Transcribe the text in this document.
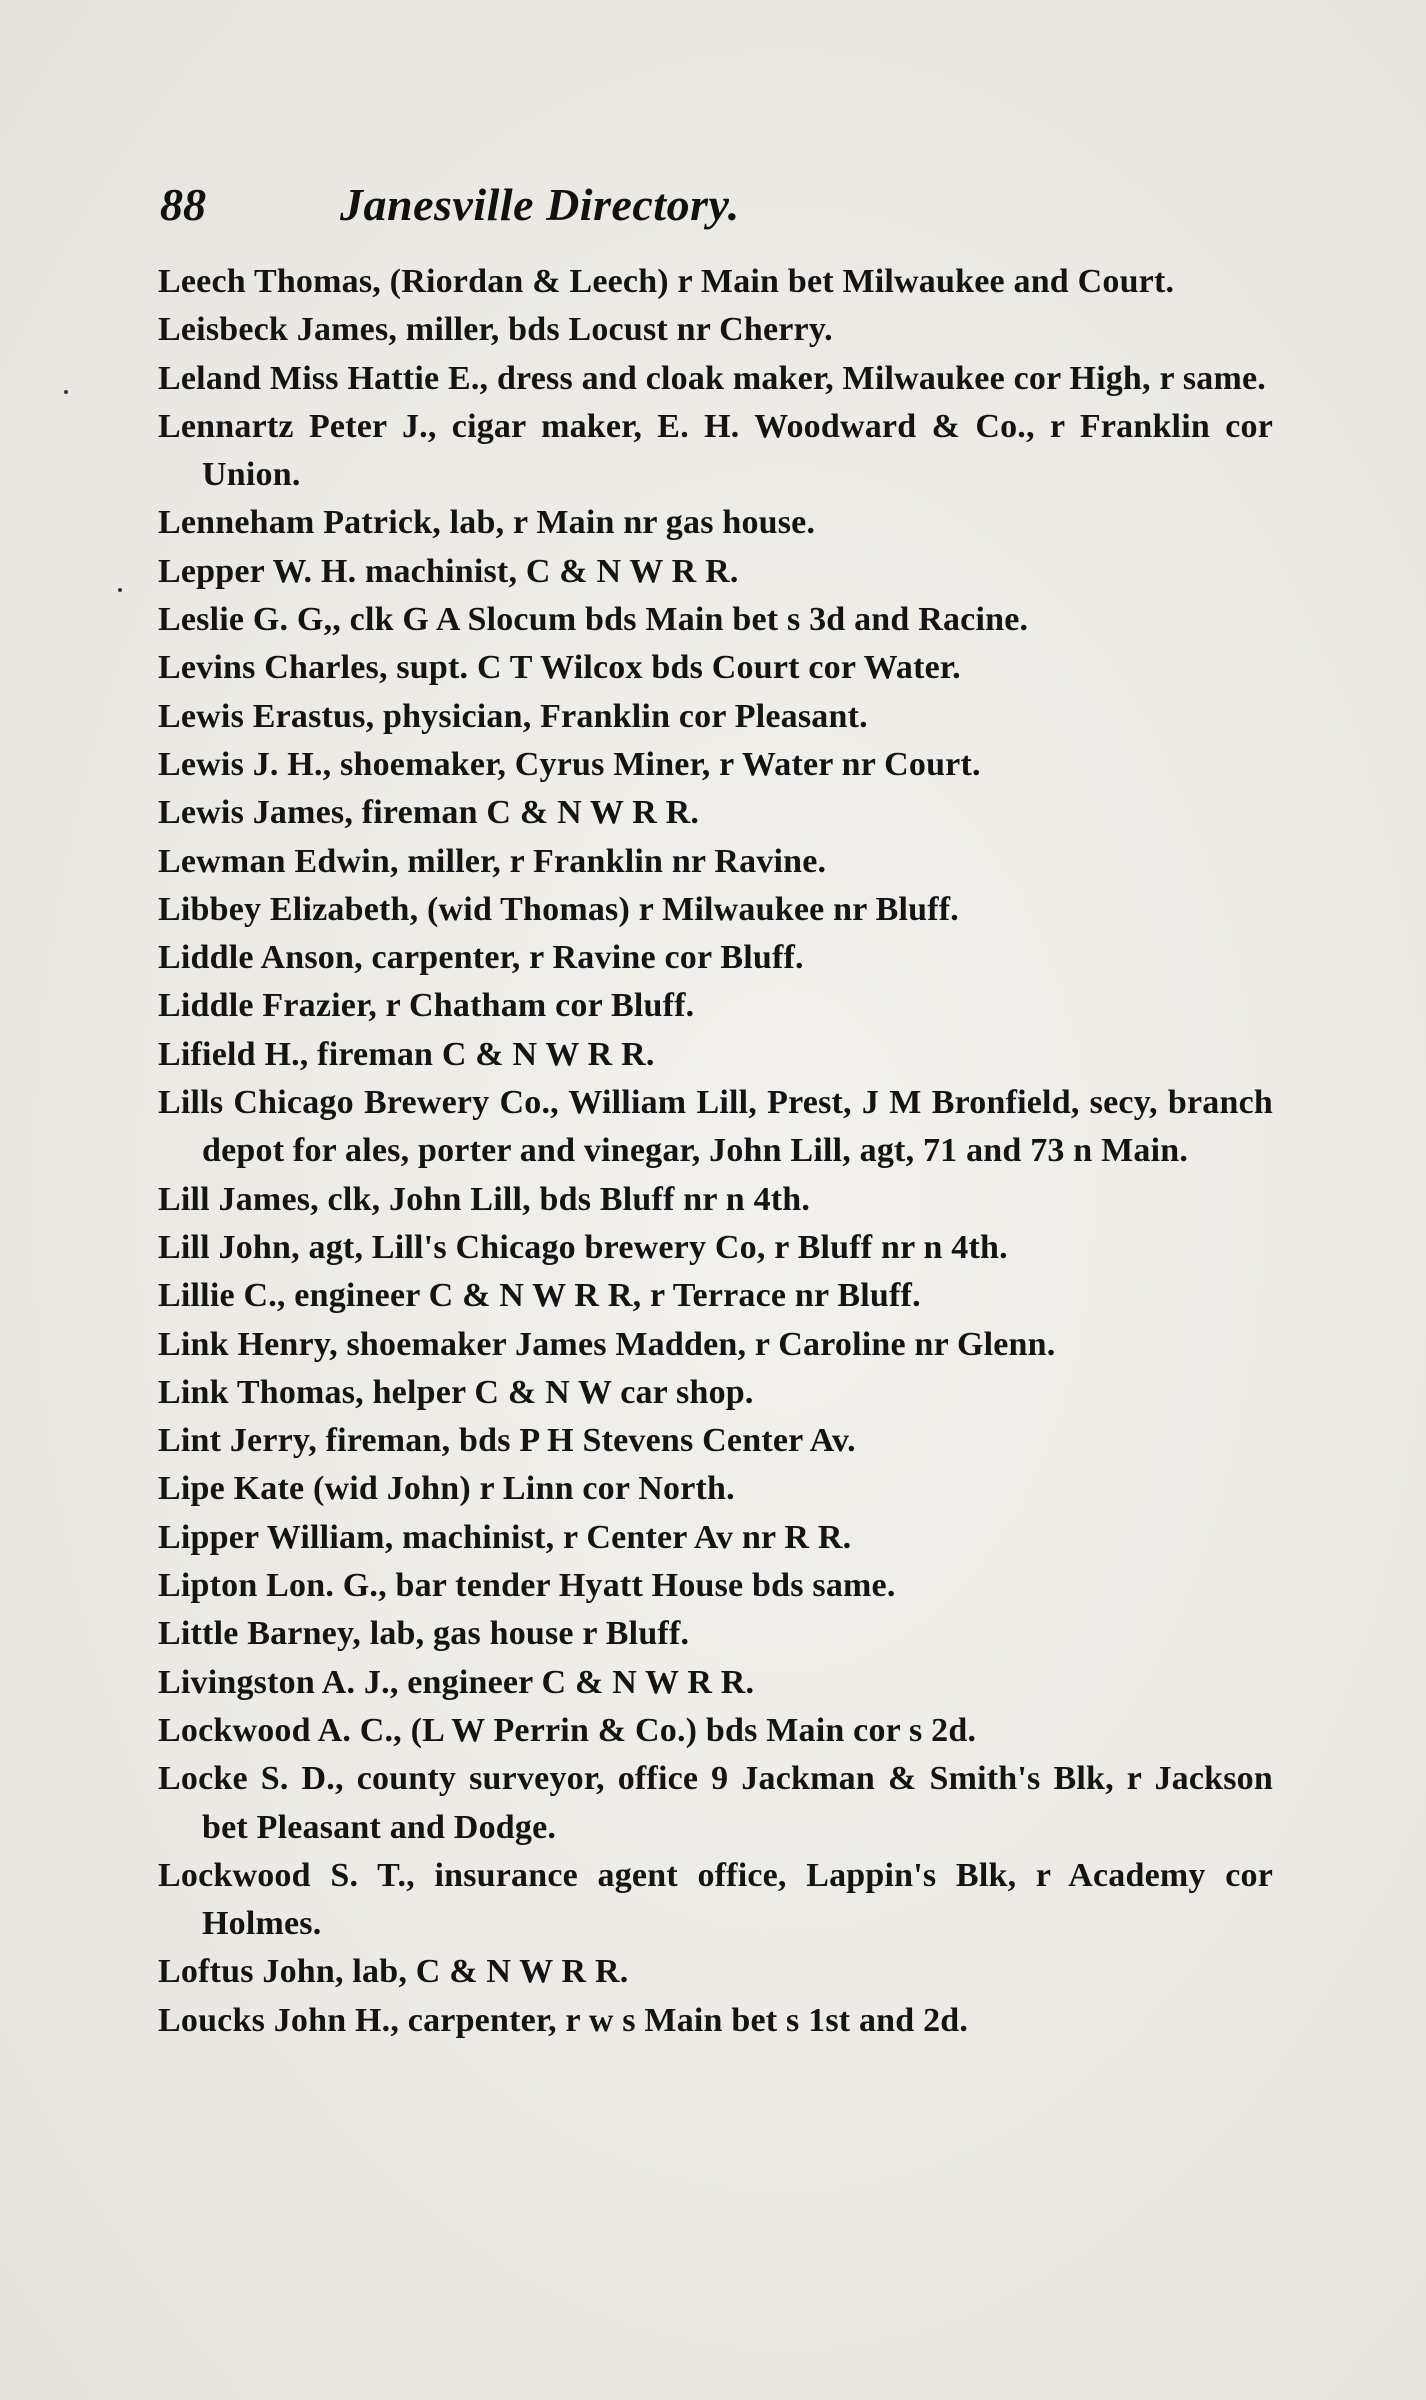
88	Janesville Directory.
Leech Thomas, (Riordan & Leech) r Main bet Milwaukee and Court.
Leisbeck James, miller, bds Locust nr Cherry.
Leland Miss Hattie E., dress and cloak maker, Milwaukee cor High, r same.
Lennartz Peter J., cigar maker, E. H. Woodward & Co., r Franklin cor Union.
Lenneham Patrick, lab, r Main nr gas house.
Lepper W. H. machinist, C & N W R R.
Leslie G. G,, clk G A Slocum bds Main bet s 3d and Racine.
Levins Charles, supt. C T Wilcox bds Court cor Water.
Lewis Erastus, physician, Franklin cor Pleasant.
Lewis J. H., shoemaker, Cyrus Miner, r Water nr Court.
Lewis James, fireman C & N W R R.
Lewman Edwin, miller, r Franklin nr Ravine.
Libbey Elizabeth, (wid Thomas) r Milwaukee nr Bluff.
Liddle Anson, carpenter, r Ravine cor Bluff.
Liddle Frazier, r Chatham cor Bluff.
Lifield H., fireman C & N W R R.
Lills Chicago Brewery Co., William Lill, Prest, J M Bronfield, secy, branch depot for ales, porter and vinegar, John Lill, agt, 71 and 73 n Main.
Lill James, clk, John Lill, bds Bluff nr n 4th.
Lill John, agt, Lill's Chicago brewery Co, r Bluff nr n 4th.
Lillie C., engineer C & N W R R, r Terrace nr Bluff.
Link Henry, shoemaker James Madden, r Caroline nr Glenn.
Link Thomas, helper C & N W car shop.
Lint Jerry, fireman, bds P H Stevens Center Av.
Lipe Kate (wid John) r Linn cor North.
Lipper William, machinist, r Center Av nr R R.
Lipton Lon. G., bar tender Hyatt House bds same.
Little Barney, lab, gas house r Bluff.
Livingston A. J., engineer C & N W R R.
Lockwood A. C., (L W Perrin & Co.) bds Main cor s 2d.
Locke S. D., county surveyor, office 9 Jackman & Smith's Blk, r Jackson bet Pleasant and Dodge.
Lockwood S. T., insurance agent office, Lappin's Blk, r Academy cor Holmes.
Loftus John, lab, C & N W R R.
Loucks John H., carpenter, r w s Main bet s 1st and 2d.
